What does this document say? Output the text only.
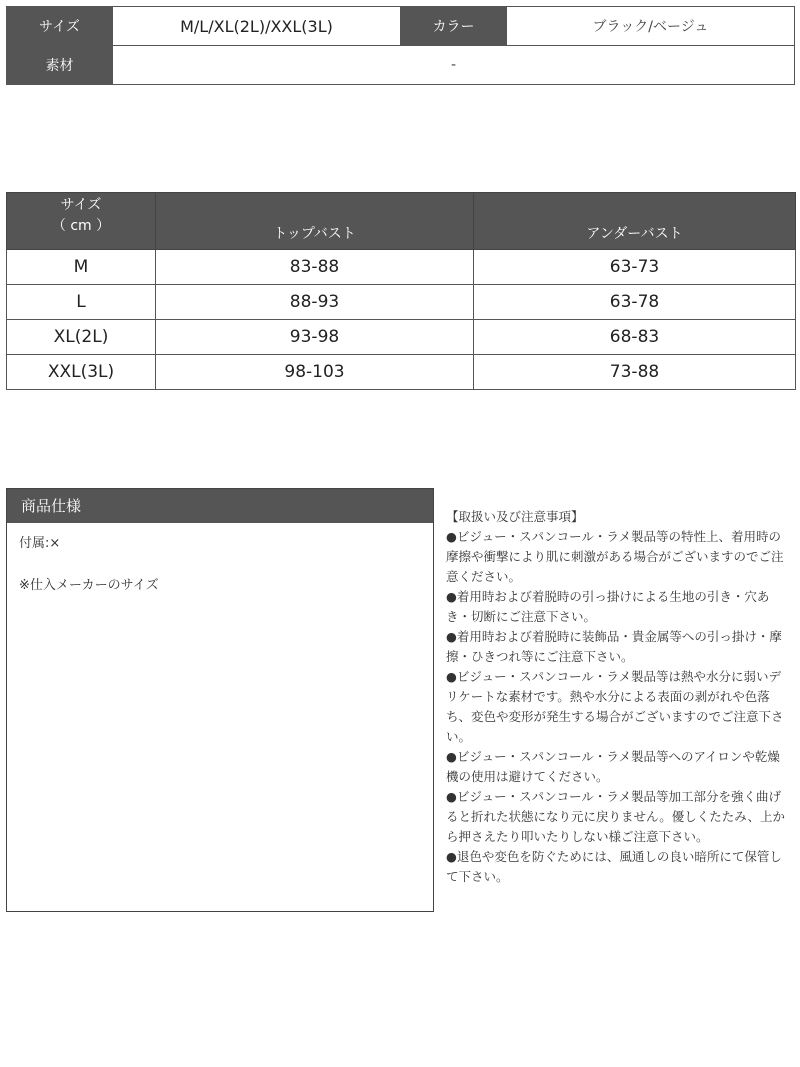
サイズ	M/L/XL(2L)/XXL(3L)	カラー	ブラック/ベージュ
素材	-		
サイズ
（ cm ）	トップバスト	アンダーバスト
M	83-88	63-73
L	88-93	63-78
XL(2L)	93-98	68-83
XXL(3L)	98-103	73-88
商品仕様
付属:×
※仕入メーカーのサイズ

【取扱い及び注意事項】

●ビジュー・スパンコール・ラメ製品等の特性上、着用時の摩擦や衝撃により肌に刺激がある場合がございますのでご注意ください。

●着用時および着脱時の引っ掛けによる生地の引き・穴あき・切断にご注意下さい。

●着用時および着脱時に装飾品・貴金属等への引っ掛け・摩擦・ひきつれ等にご注意下さい。

●ビジュー・スパンコール・ラメ製品等は熱や水分に弱いデリケートな素材です。熱や水分による表面の剥がれや色落ち、変色や変形が発生する場合がございますのでご注意下さい。

●ビジュー・スパンコール・ラメ製品等へのアイロンや乾燥機の使用は避けてください。

●ビジュー・スパンコール・ラメ製品等加工部分を強く曲げると折れた状態になり元に戻りません。優しくたたみ、上から押さえたり叩いたりしない様ご注意下さい。

●退色や変色を防ぐためには、風通しの良い暗所にて保管して下さい。
